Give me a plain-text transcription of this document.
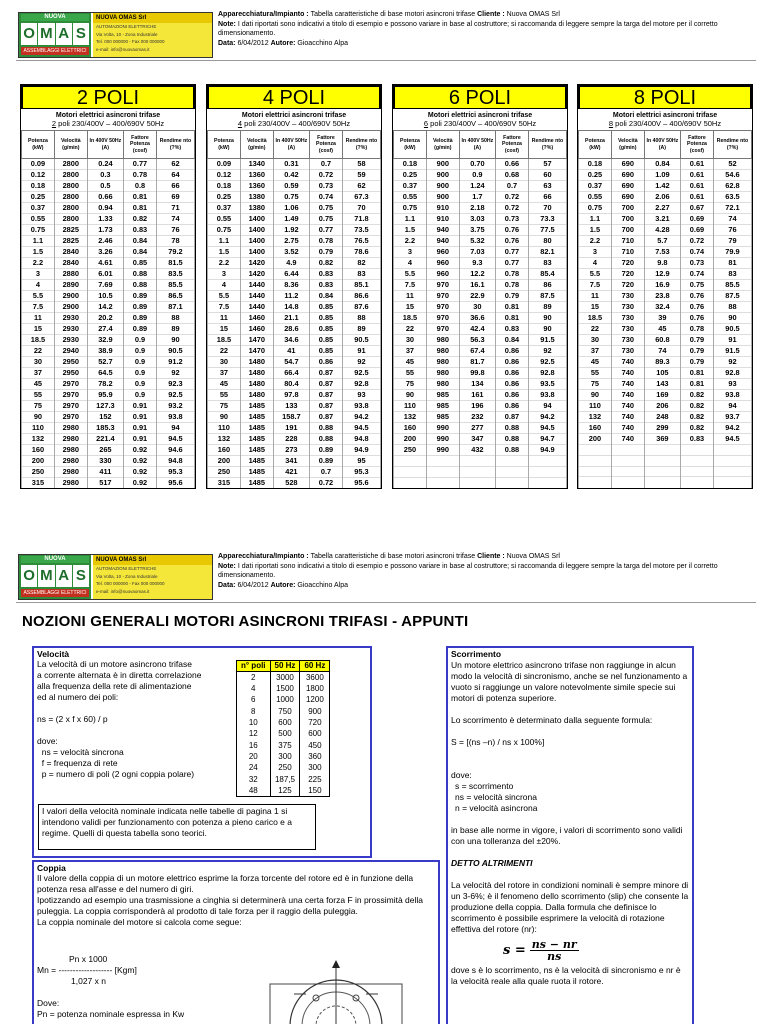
NUOVA
O M A S
ASSEMBLAGGI ELETTRICI
NUOVA OMAS Srl
AUTOMAZIONI ELETTRICHE
Via Volta, 10 - Zona Industriale
Tel. 000 000000 - Fax 000 000000
e-mail: info@nuovaomas.it
Apparecchiatura/Impianto : Tabella caratteristiche di base motori asincroni trifase Cliente : Nuova OMAS Srl
Note: I dati riportati sono indicativi a titolo di esempio e possono variare in base al costruttore; si raccomanda di leggere sempre la targa del motore per il corretto dimensionamento.
Data: 6/04/2012 Autore: Gioacchino Alpa
2 POLI
Motori elettrici asincroni trifase
2 poli 230/400V – 400/690V 50Hz
Potenza (kW)	Velocità (g/min)	In 400V 50Hz (A)	Fattore Potenza (cosf)	Rendime nto (?%)
0.09	2800	0.24	0.77	62
0.12	2800	0.3	0.78	64
0.18	2800	0.5	0.8	66
0.25	2800	0.66	0.81	69
0.37	2800	0.94	0.81	71
0.55	2800	1.33	0.82	74
0.75	2825	1.73	0.83	76
1.1	2825	2.46	0.84	78
1.5	2840	3.26	0.84	79.2
2.2	2840	4.61	0.85	81.5
3	2880	6.01	0.88	83.5
4	2890	7.69	0.88	85.5
5.5	2900	10.5	0.89	86.5
7.5	2900	14.2	0.89	87.1
11	2930	20.2	0.89	88
15	2930	27.4	0.89	89
18.5	2930	32.9	0.9	90
22	2940	38.9	0.9	90.5
30	2950	52.7	0.9	91.2
37	2950	64.5	0.9	92
45	2970	78.2	0.9	92.3
55	2970	95.9	0.9	92.5
75	2970	127.3	0.91	93.2
90	2970	152	0.91	93.8
110	2980	185.3	0.91	94
132	2980	221.4	0.91	94.5
160	2980	265	0.92	94.6
200	2980	330	0.92	94.8
250	2980	411	0.92	95.3
315	2980	517	0.92	95.6
4 POLI
Motori elettrici asincroni trifase
4 poli 230/400V – 400/690V 50Hz
Potenza (kW)	Velocità (g/min)	In 400V 50Hz (A)	Fattore Potenza (cosf)	Rendime nto (?%)
0.09	1340	0.31	0.7	58
0.12	1360	0.42	0.72	59
0.18	1360	0.59	0.73	62
0.25	1380	0.75	0.74	67.3
0.37	1380	1.06	0.75	70
0.55	1400	1.49	0.75	71.8
0.75	1400	1.92	0.77	73.5
1.1	1400	2.75	0.78	76.5
1.5	1400	3.52	0.79	78.6
2.2	1420	4.9	0.82	82
3	1420	6.44	0.83	83
4	1440	8.36	0.83	85.1
5.5	1440	11.2	0.84	86.6
7.5	1440	14.8	0.85	87.6
11	1460	21.1	0.85	88
15	1460	28.6	0.85	89
18.5	1470	34.6	0.85	90.5
22	1470	41	0.85	91
30	1480	54.7	0.86	92
37	1480	66.4	0.87	92.5
45	1480	80.4	0.87	92.8
55	1480	97.8	0.87	93
75	1485	133	0.87	93.8
90	1485	158.7	0.87	94.2
110	1485	191	0.88	94.5
132	1485	228	0.88	94.8
160	1485	273	0.89	94.9
200	1485	341	0.89	95
250	1485	421	0.7	95.3
315	1485	528	0.72	95.6
6 POLI
Motori elettrici asincroni trifase
6 poli 230/400V – 400/690V 50Hz
Potenza (kW)	Velocità (g/min)	In 400V 50Hz (A)	Fattore Potenza (cosf)	Rendime nto (?%)
0.18	900	0.70	0.66	57
0.25	900	0.9	0.68	60
0.37	900	1.24	0.7	63
0.55	900	1.7	0.72	66
0.75	910	2.18	0.72	70
1.1	910	3.03	0.73	73.3
1.5	940	3.75	0.76	77.5
2.2	940	5.32	0.76	80
3	960	7.03	0.77	82.1
4	960	9.3	0.77	83
5.5	960	12.2	0.78	85.4
7.5	970	16.1	0.78	86
11	970	22.9	0.79	87.5
15	970	30	0.81	89
18.5	970	36.6	0.81	90
22	970	42.4	0.83	90
30	980	56.3	0.84	91.5
37	980	67.4	0.86	92
45	980	81.7	0.86	92.5
55	980	99.8	0.86	92.8
75	980	134	0.86	93.5
90	985	161	0.86	93.8
110	985	196	0.86	94
132	985	232	0.87	94.2
160	990	277	0.88	94.5
200	990	347	0.88	94.7
250	990	432	0.88	94.9

8 POLI
Motori elettrici asincroni trifase
8 poli 230/400V – 400/690V 50Hz
Potenza (kW)	Velocità (g/min)	In 400V 50Hz (A)	Fattore Potenza (cosf)	Rendime nto (?%)
0.18	690	0.84	0.61	52
0.25	690	1.09	0.61	54.6
0.37	690	1.42	0.61	62.8
0.55	690	2.06	0.61	63.5
0.75	700	2.27	0.67	72.1
1.1	700	3.21	0.69	74
1.5	700	4.28	0.69	76
2.2	710	5.7	0.72	79
3	710	7.53	0.74	79.9
4	720	9.8	0.73	81
5.5	720	12.9	0.74	83
7.5	720	16.9	0.75	85.5
11	730	23.8	0.76	87.5
15	730	32.4	0.76	88
18.5	730	39	0.76	90
22	730	45	0.78	90.5
30	730	60.8	0.79	91
37	730	74	0.79	91.5
45	740	89.3	0.79	92
55	740	105	0.81	92.8
75	740	143	0.81	93
90	740	169	0.82	93.8
110	740	206	0.82	94
132	740	248	0.82	93.7
160	740	299	0.82	94.2
200	740	369	0.83	94.5

NUOVA
O M A S
ASSEMBLAGGI ELETTRICI
NUOVA OMAS Srl
AUTOMAZIONI ELETTRICHE
Via Volta, 10 - Zona Industriale
Tel. 000 000000 - Fax 000 000000
e-mail: info@nuovaomas.it
Apparecchiatura/Impianto : Tabella caratteristiche di base motori asincroni trifase Cliente : Nuova OMAS Srl
Note: I dati riportati sono indicativi a titolo di esempio e possono variare in base al costruttore; si raccomanda di leggere sempre la targa del motore per il corretto dimensionamento.
Data: 6/04/2012 Autore: Gioacchino Alpa
NOZIONI GENERALI MOTORI ASINCRONI TRIFASI - APPUNTI
Velocità
La velocità di un motore asincrono trifase
a corrente alternata è in diretta correlazione
alla frequenza della rete di alimentazione
ed al numero dei poli:
ns = (2 x f x 60) / p
dove:
ns = velocità sincrona
f = frequenza di rete
p = numero di poli (2 ogni coppia polare)
n° poli	50 Hz	60 Hz
2	3000	3600
4	1500	1800
6	1000	1200
8	750	900
10	600	720
12	500	600
16	375	450
20	300	360
24	250	300
32	187,5	225
48	125	150
I valori della velocità nominale indicata nelle tabelle di pagina 1 si intendono validi per funzionamento con potenza a pieno carico e a regime. Quelli di questa tabella sono teorici.
Coppia
Il valore della coppia di un motore elettrico esprime la forza torcente del rotore ed è in funzione della potenza resa all'asse e del numero di giri.
Ipotizzando ad esempio una trasmissione a cinghia si determinerà una certa forza F in prossimità della puleggia. La coppia corrisponderà al prodotto di tale forza per il raggio della puleggia.
La coppia nominale del motore si calcola come segue:
Pn x 1000
Mn = ------------------- [Kgm]
1,027 x n
Dove:
Pn = potenza nominale espressa in Kw
Scorrimento
Un motore elettrico asincrono trifase non raggiunge in alcun modo la velocità di sincronismo, anche se nel funzionamento a vuoto si raggiunge un valore notevolmente simile specie sui motori di potenza superiore.
Lo scorrimento è determinato dalla seguente formula:
S = [(ns –n) / ns x 100%]
dove:
s = scorrimento
ns = velocità sincrona
n = velocità asincrona
in base alle norme in vigore, i valori di scorrimento sono validi con una tolleranza del ±20%.
DETTO ALTRIMENTI
La velocità del rotore in condizioni nominali è sempre minore di un 3-6%; è il fenomeno dello scorrimento (slip) che consente la produzione della coppia. Dalla formula che definisce lo scorrimento è possibile esprimere la velocità di rotazione effettiva del rotore (nr):
$s = \frac{ns - nr}{ns}$
dove s è lo scorrimento, ns è la velocità di sincronismo e nr è la velocità reale alla quale ruota il rotore.
